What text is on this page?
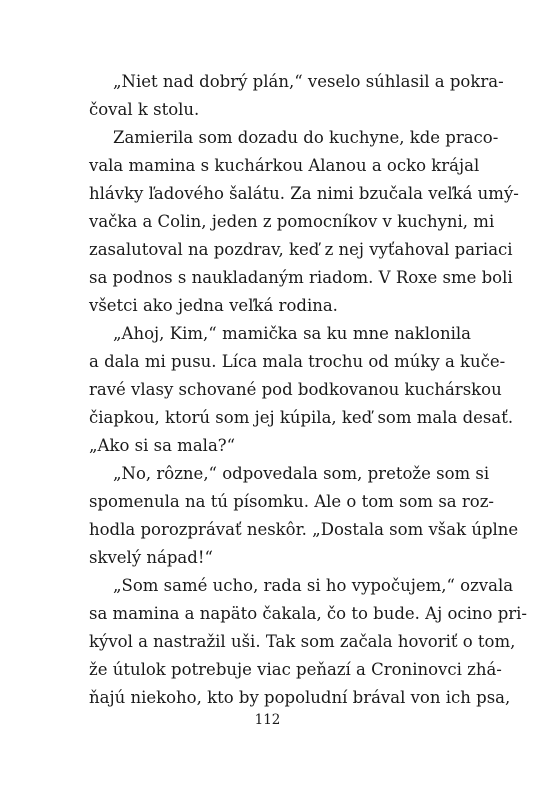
„Niet nad dobrý plán,“ veselo súhlasil a pokra-
čoval k stolu.
Zamierila som dozadu do kuchyne, kde praco-
vala mamina s kuchárkou Alanou a ocko krájal
hlávky ľadového šalátu. Za nimi bzučala veľká umý-
vačka a Colin, jeden z pomocníkov v kuchyni, mi
zasalutoval na pozdrav, keď z nej vyťahoval pariaci
sa podnos s naukladaným riadom. V Roxe sme boli
všetci ako jedna veľká rodina.
„Ahoj, Kim,“ mamička sa ku mne naklonila
a dala mi pusu. Líca mala trochu od múky a kuče-
ravé vlasy schované pod bodkovanou kuchárskou
čiapkou, ktorú som jej kúpila, keď som mala desať.
„Ako si sa mala?“
„No, rôzne,“ odpovedala som, pretože som si
spomenula na tú písomku. Ale o tom som sa roz-
hodla porozprávať neskôr. „Dostala som však úplne
skvelý nápad!“
„Som samé ucho, rada si ho vypočujem,“ ozvala
sa mamina a napäto čakala, čo to bude. Aj ocino pri-
kývol a nastražil uši. Tak som začala hovoriť o tom,
že útulok potrebuje viac peňazí a Croninovci zhá-
ňajú niekoho, kto by popoludní brával von ich psa,
112
